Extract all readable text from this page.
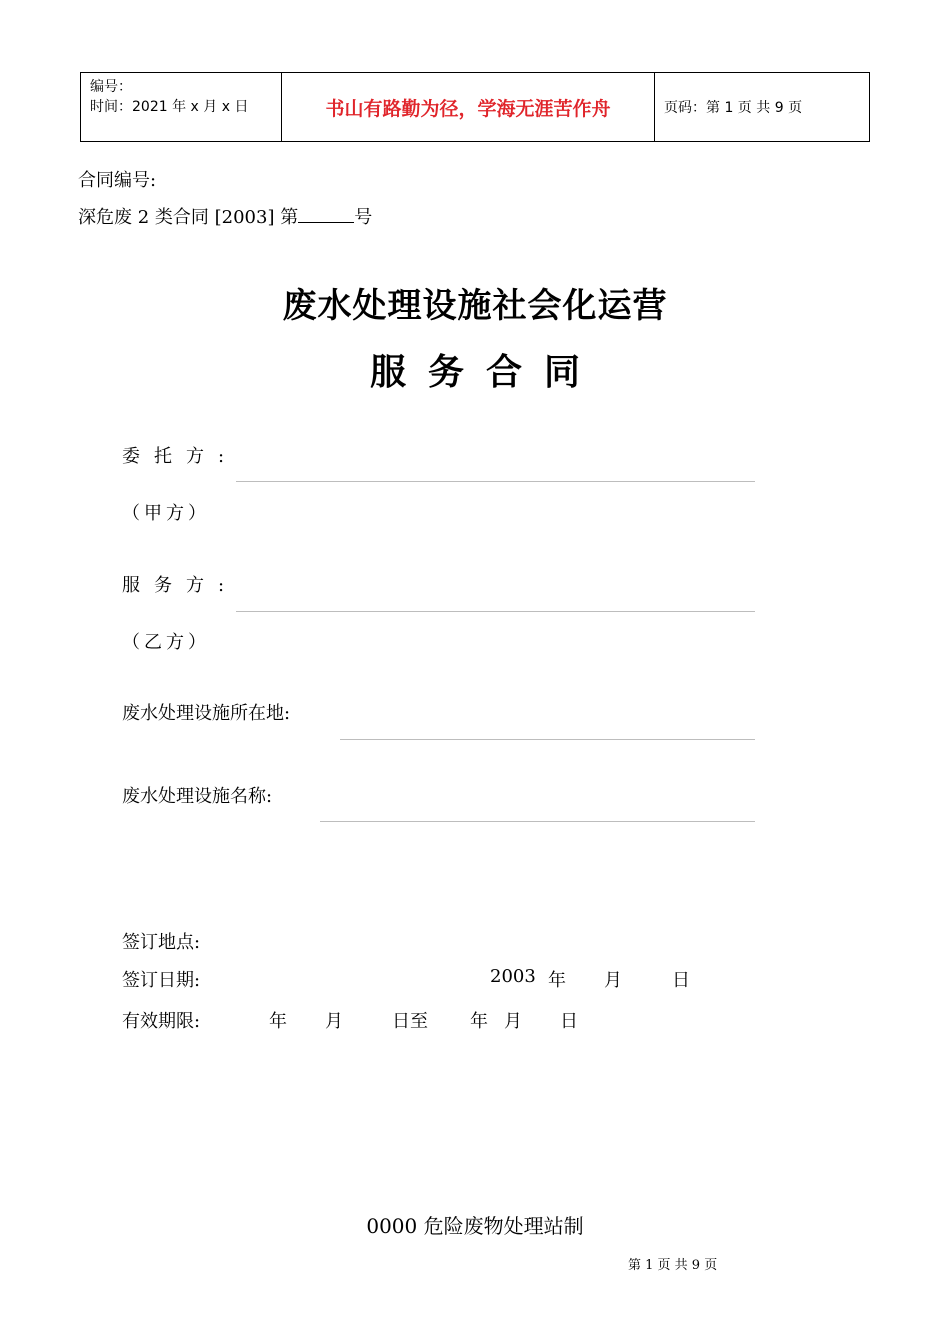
编号：
时间：2021 年 x 月 x 日	书山有路勤为径，学海无涯苦作舟	页码：第 1 页 共 9 页
合同编号:
深危废 2 类合同 [2003] 第	号
废水处理设施社会化运营
服务合同
委托方:
（甲方）
服务方:
（乙方）
废水处理设施所在地:
废水处理设施名称:
签订地点:
签订日期:	2003 年 月	日
有效期限:	年 月	日至 年 月 日
0000 危险废物处理站制
第 1 页 共 9 页
